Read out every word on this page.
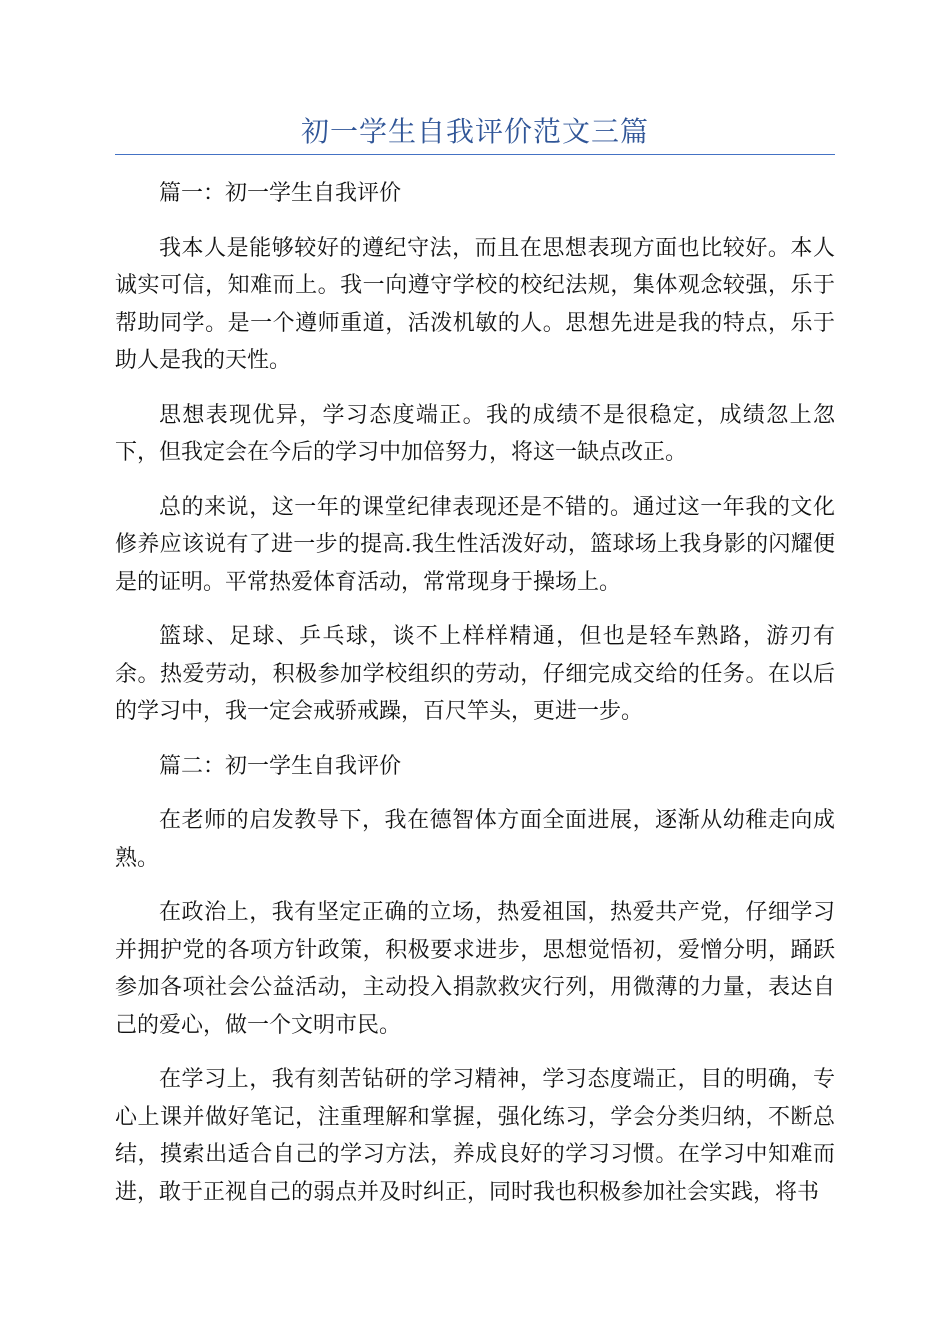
初一学生自我评价范文三篇

篇一：初一学生自我评价

我本人是能够较好的遵纪守法，而且在思想表现方面也比较好。本人诚实可信，知难而上。我一向遵守学校的校纪法规，集体观念较强，乐于帮助同学。是一个遵师重道，活泼机敏的人。思想先进是我的特点，乐于助人是我的天性。

思想表现优异，学习态度端正。我的成绩不是很稳定，成绩忽上忽下，但我定会在今后的学习中加倍努力，将这一缺点改正。

总的来说，这一年的课堂纪律表现还是不错的。通过这一年我的文化修养应该说有了进一步的提高.我生性活泼好动，篮球场上我身影的闪耀便是的证明。平常热爱体育活动，常常现身于操场上。

篮球、足球、乒乓球，谈不上样样精通，但也是轻车熟路，游刃有余。热爱劳动，积极参加学校组织的劳动，仔细完成交给的任务。在以后的学习中，我一定会戒骄戒躁，百尺竿头，更进一步。

篇二：初一学生自我评价

在老师的启发教导下，我在德智体方面全面进展，逐渐从幼稚走向成熟。

在政治上，我有坚定正确的立场，热爱祖国，热爱共产党，仔细学习并拥护党的各项方针政策，积极要求进步，思想觉悟初，爱憎分明，踊跃参加各项社会公益活动，主动投入捐款救灾行列，用微薄的力量，表达自己的爱心，做一个文明市民。

在学习上，我有刻苦钻研的学习精神，学习态度端正，目的明确，专心上课并做好笔记，注重理解和掌握，强化练习，学会分类归纳，不断总结，摸索出适合自己的学习方法，养成良好的学习习惯。在学习中知难而进，敢于正视自己的弱点并及时纠正，同时我也积极参加社会实践，将书
